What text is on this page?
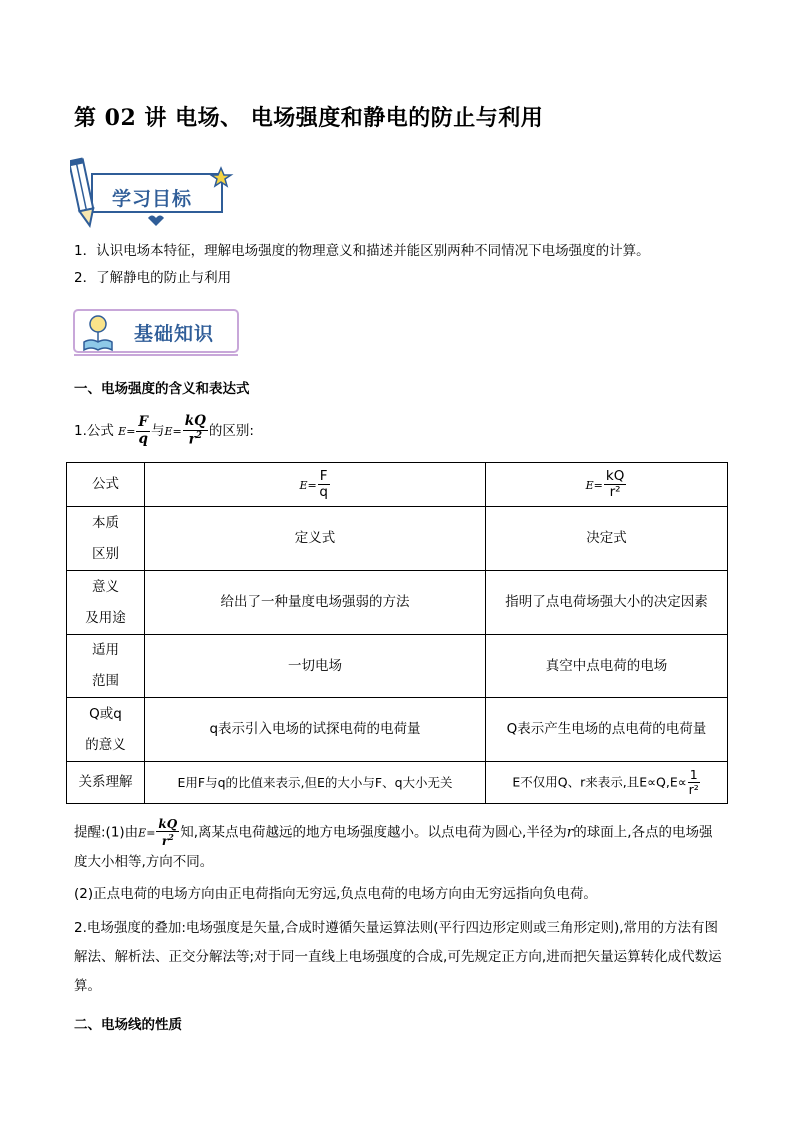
第 02 讲 电场、 电场强度和静电的防止与利用
学习目标
1．认识电场本特征，理解电场强度的物理意义和描述并能区别两种不同情况下电场强度的计算。
2．了解静电的防止与利用
基础知识
一、电场强度的含义和表达式
1.公式 $E= \frac{F}{q}$ 与$E= \frac{kQ}{r^2}$ 的区别:
公式	$E= \frac{F}{q}$	$E= \frac{kQ}{\text{r²}}$

本质
区别	定义式	决定式
意义
及用途	给出了一种量度电场强弱的方法	指明了点电荷场强大小的决定因素
适用
范围	一切电场	真空中点电荷的电场
Q或q
的意义	q表示引入电场的试探电荷的电荷量	Q表示产生电场的点电荷的电荷量
关系理解	E用F与q的比值来表示,但E的大小与F、q大小无关	E不仅用Q、r来表示,且$E\propto Q,E\propto \frac{1}{\text{r²}}$
提醒:(1)由$E= \frac{kQ}{r^2}$ 知,离某点电荷越远的地方电场强度越小。以点电荷为圆心,半径为r的球面上,各点的电场强度大小相等,方向不同。
(2)正点电荷的电场方向由正电荷指向无穷远,负点电荷的电场方向由无穷远指向负电荷。
2.电场强度的叠加:电场强度是矢量,合成时遵循矢量运算法则(平行四边形定则或三角形定则),常用的方法有图解法、解析法、正交分解法等;对于同一直线上电场强度的合成,可先规定正方向,进而把矢量运算转化成代数运算。
二、电场线的性质
